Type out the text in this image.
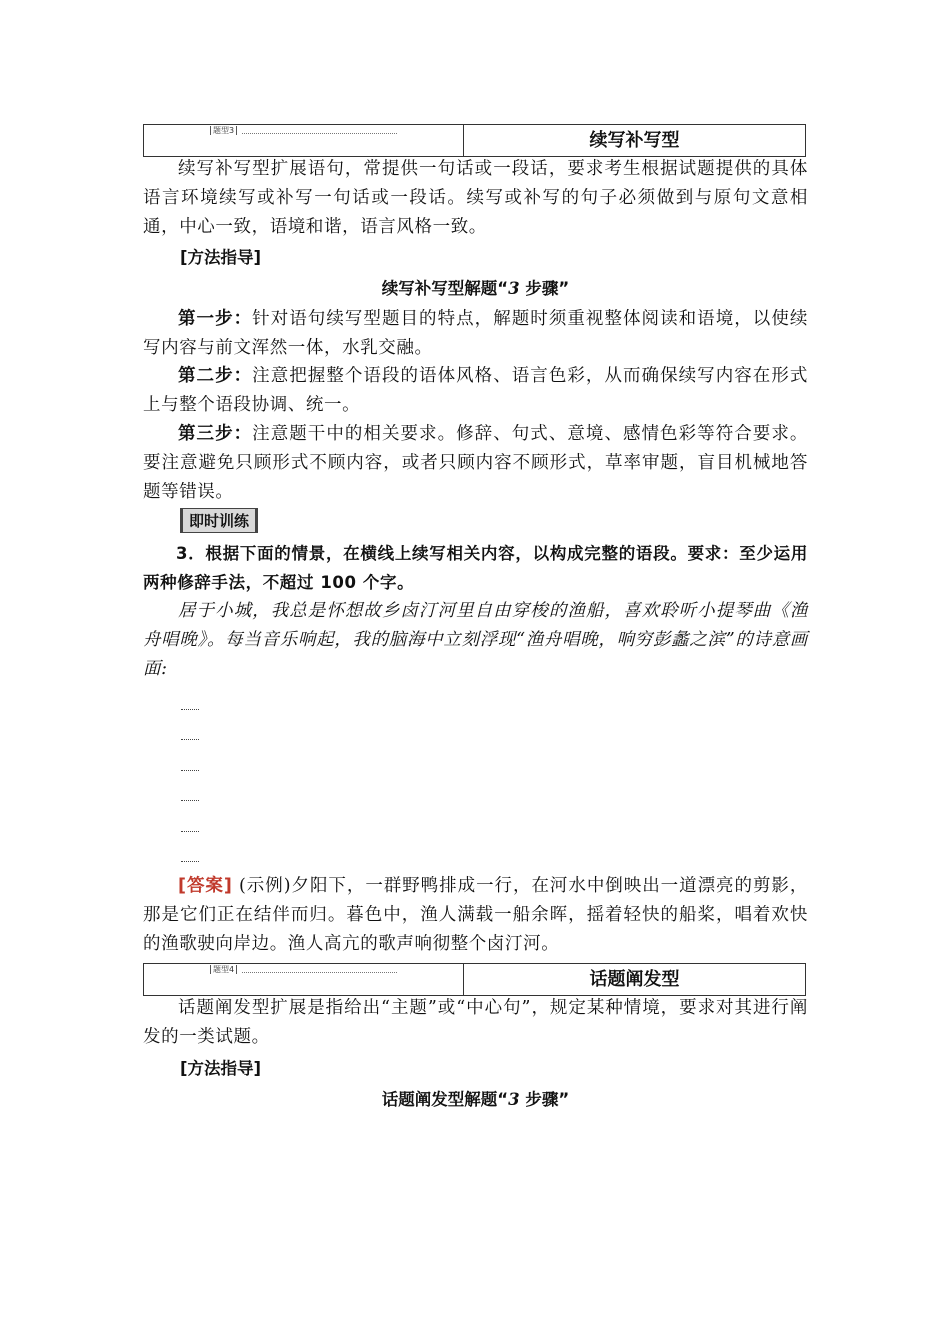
题型3	续写补写型
续写补写型扩展语句，常提供一句话或一段话，要求考生根据试题提供的具体语言环境续写或补写一句话或一段话。续写或补写的句子必须做到与原句文意相通，中心一致，语境和谐，语言风格一致。
[方法指导]
续写补写型解题“3 步骤”
第一步：针对语句续写型题目的特点，解题时须重视整体阅读和语境，以使续写内容与前文浑然一体，水乳交融。
第二步：注意把握整个语段的语体风格、语言色彩，从而确保续写内容在形式上与整个语段协调、统一。
第三步：注意题干中的相关要求。修辞、句式、意境、感情色彩等符合要求。要注意避免只顾形式不顾内容，或者只顾内容不顾形式，草率审题，盲目机械地答题等错误。
即时训练
3．根据下面的情景，在横线上续写相关内容，以构成完整的语段。要求：至少运用两种修辞手法，不超过 100 个字。
居于小城，我总是怀想故乡卤汀河里自由穿梭的渔船，喜欢聆听小提琴曲《渔舟唱晚》。每当音乐响起，我的脑海中立刻浮现“渔舟唱晚，响穷彭蠡之滨”的诗意画面:
[答案] (示例)夕阳下，一群野鸭排成一行，在河水中倒映出一道漂亮的剪影，那是它们正在结伴而归。暮色中，渔人满载一船余晖，摇着轻快的船桨，唱着欢快的渔歌驶向岸边。渔人高亢的歌声响彻整个卤汀河。
题型4	话题阐发型
话题阐发型扩展是指给出“主题”或“中心句”，规定某种情境，要求对其进行阐发的一类试题。
[方法指导]
话题阐发型解题“3 步骤”
